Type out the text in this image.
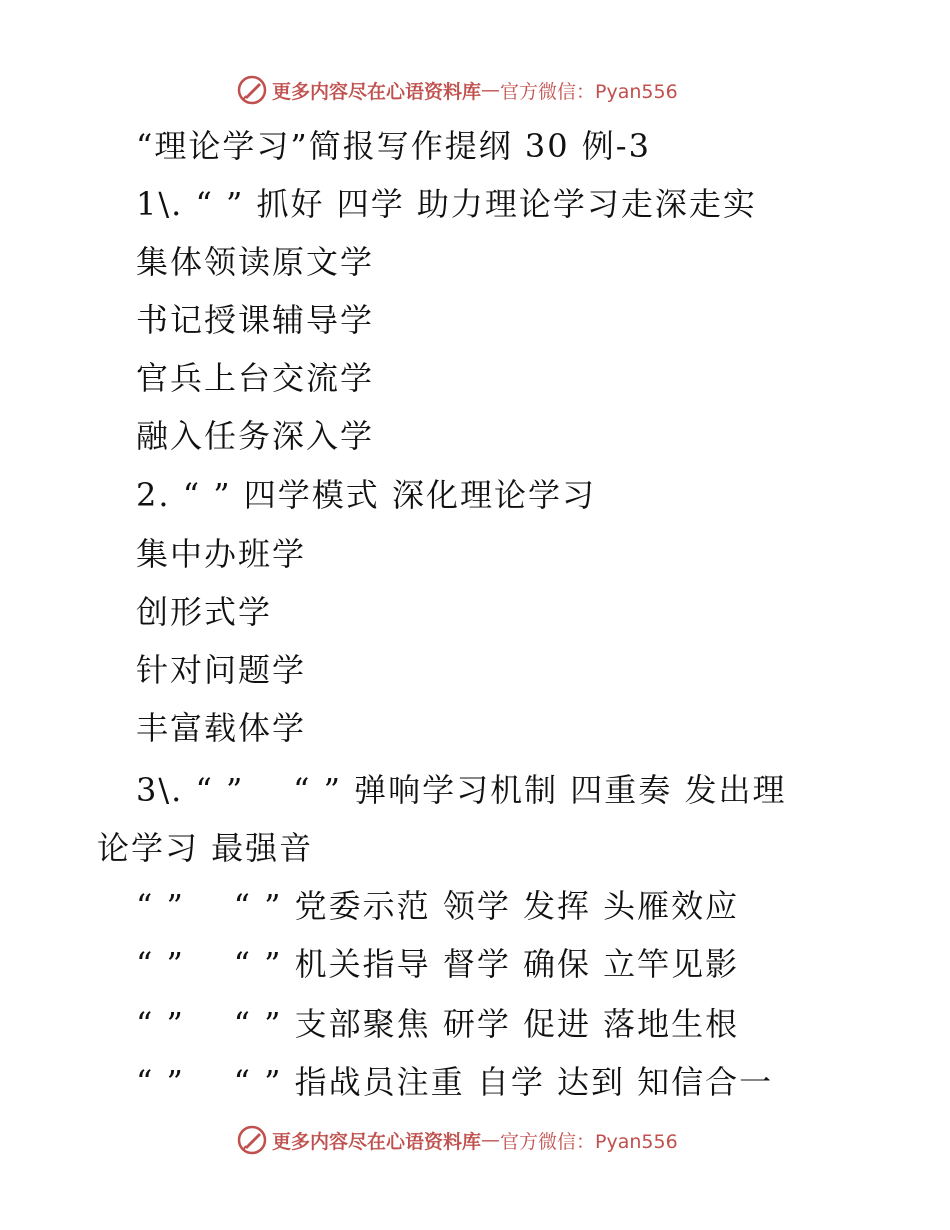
更多内容尽在心语资料库 — 官方微信：Pyan556
“理论学习”简报写作提纲 30 例-3
1\. “ ” 抓好 四学 助力理论学习走深走实
集体领读原文学
书记授课辅导学
官兵上台交流学
融入任务深入学
2. “ ” 四学模式 深化理论学习
集中办班学
创形式学
针对问题学
丰富载体学
3\. “ ”    “ ” 弹响学习机制 四重奏 发出理
论学习 最强音
“ ”    “ ” 党委示范 领学 发挥 头雁效应
“ ”    “ ” 机关指导 督学 确保 立竿见影
“ ”    “ ” 支部聚焦 研学 促进 落地生根
“ ”    “ ” 指战员注重 自学 达到 知信合一
更多内容尽在心语资料库 — 官方微信：Pyan556
